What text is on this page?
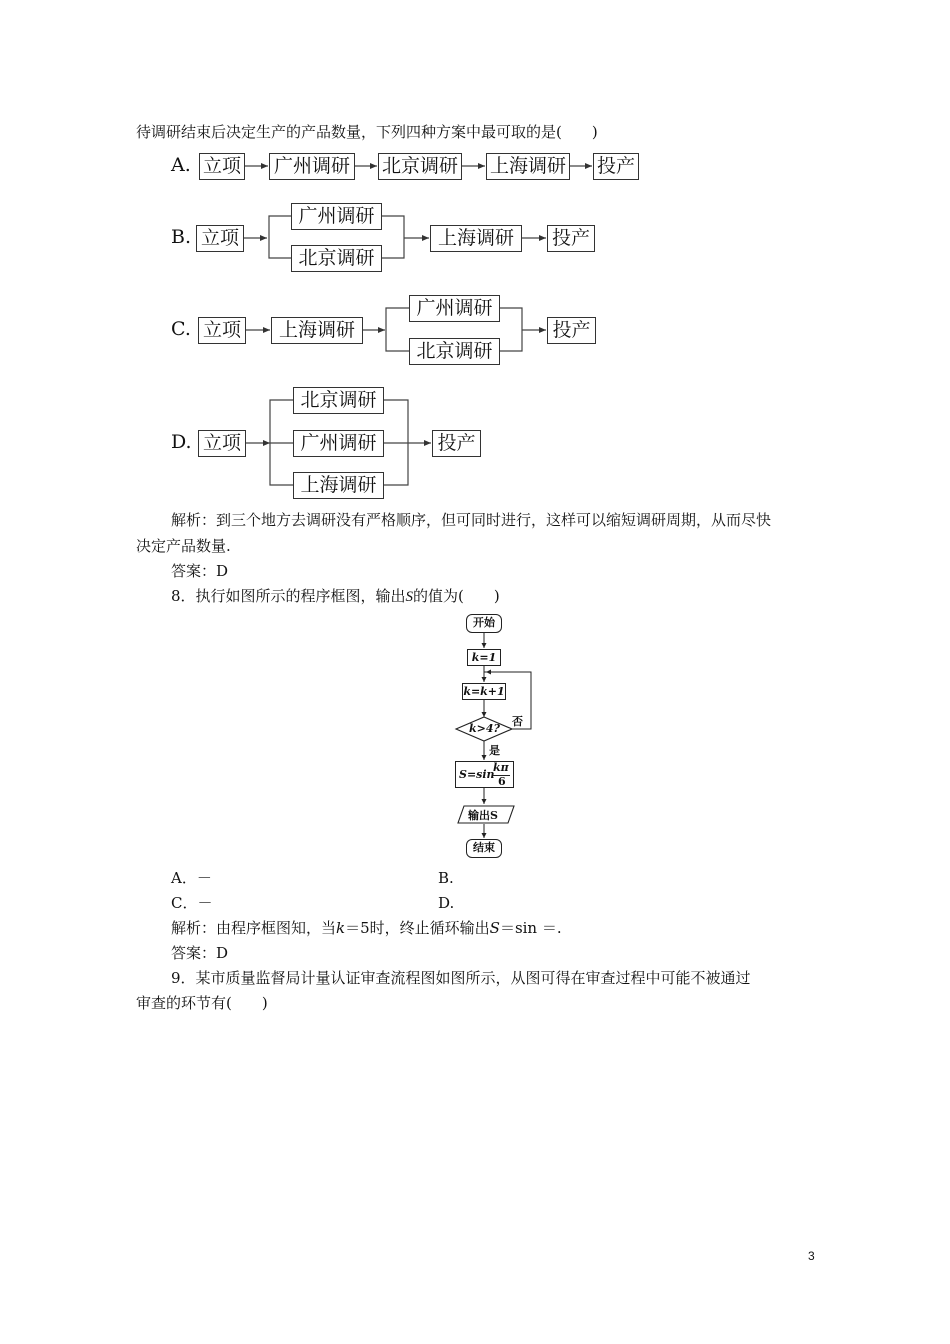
待调研结束后决定生产的产品数量，下列四种方案中最可取的是(　　)
A. 立项 广州调研 北京调研 上海调研 投产
B. 立项
广州调研
北京调研
上海调研	投产
C. 立项	上海调研
广州调研
北京调研
投产
D. 立项
北京调研
广州调研
上海调研
投产
解析：到三个地方去调研没有严格顺序，但可同时进行，这样可以缩短调研周期，从而尽快
决定产品数量.
答案：D
8．执行如图所示的程序框图，输出S的值为(　　)
开始
k=1
k=k+1
k>4?
否
是
S=sin
kπ
6
输出S
结束
A．－	B.
C．－	D.
解析：由程序框图知，当k＝5时，终止循环输出S＝sin ＝.
答案：D
9．某市质量监督局计量认证审查流程图如图所示，从图可得在审查过程中可能不被通过
审查的环节有(　　)
3
